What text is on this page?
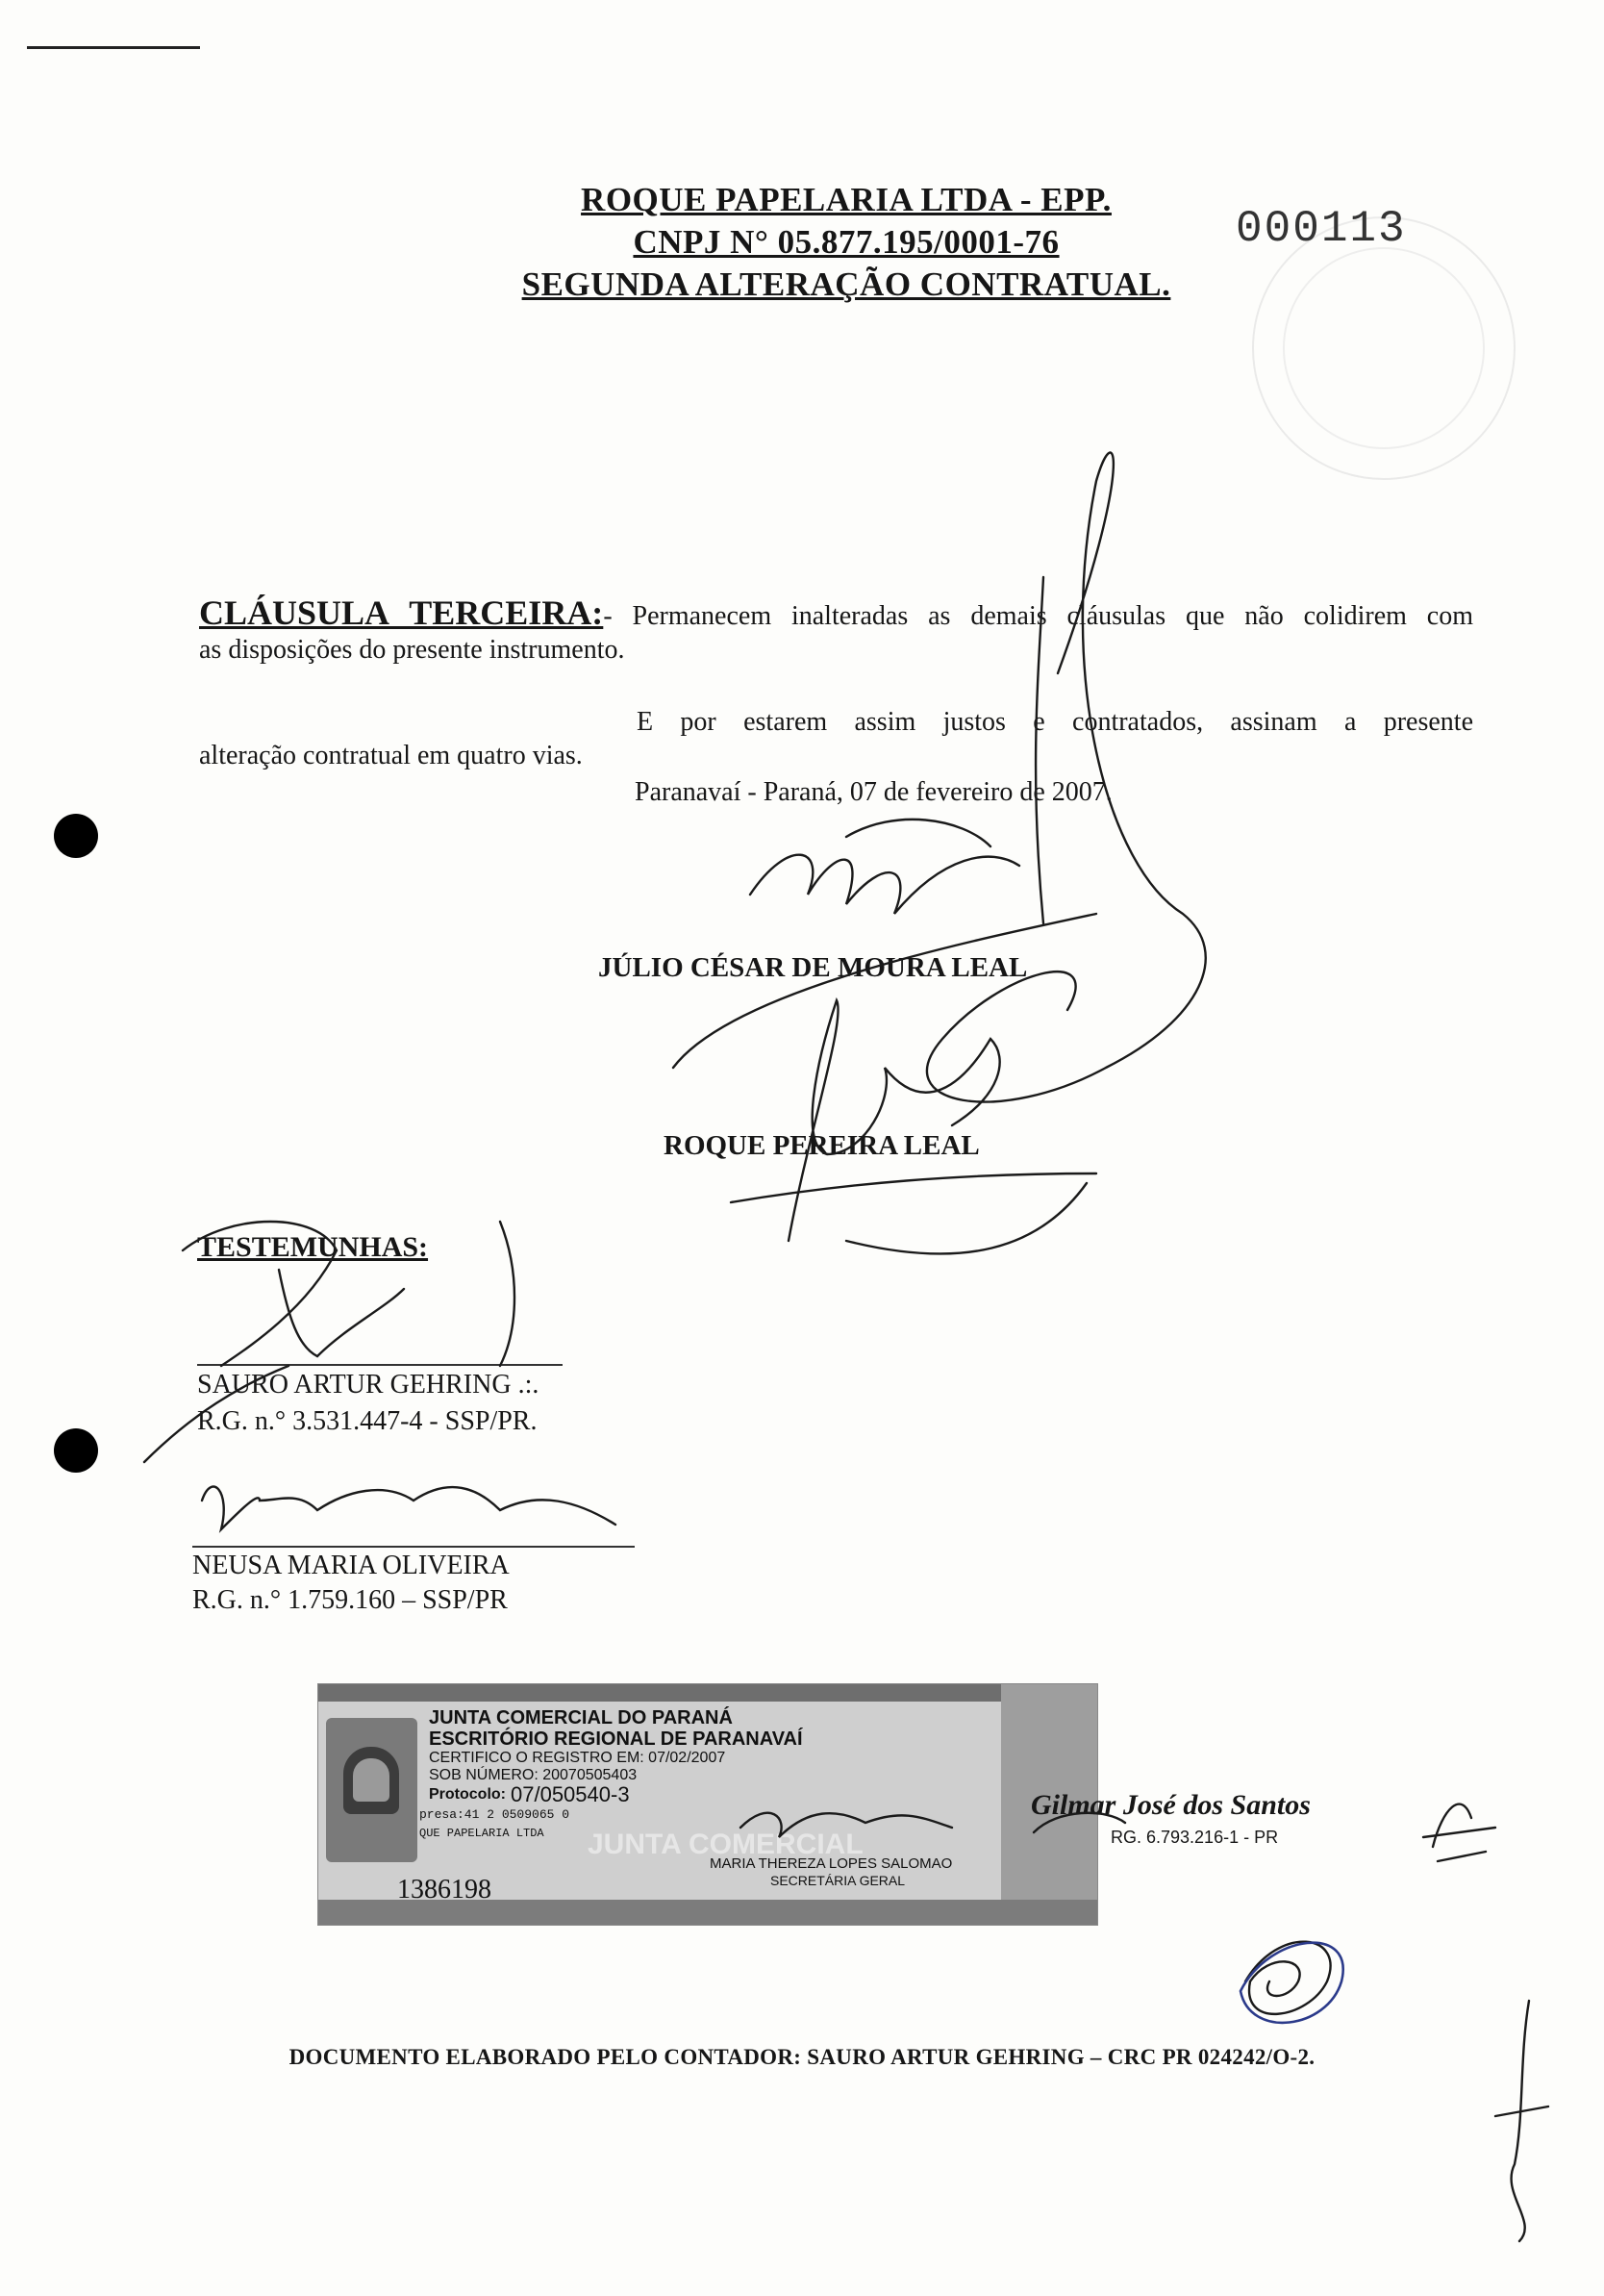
ROQUE PAPELARIA LTDA - EPP.
CNPJ N° 05.877.195/0001-76
SEGUNDA ALTERAÇÃO CONTRATUAL.
000113
CLÁUSULA TERCEIRA:- Permanecem inalteradas as demais cláusulas que não colidirem com
as disposições do presente instrumento.
E por estarem assim justos e contratados, assinam a presente
alteração contratual em quatro vias.
Paranavaí - Paraná, 07 de fevereiro de 2007.
JÚLIO CÉSAR DE MOURA LEAL
ROQUE PEREIRA LEAL
TESTEMUNHAS:
SAURO ARTUR GEHRING .:.
R.G. n.° 3.531.447-4 - SSP/PR.
NEUSA MARIA OLIVEIRA
R.G. n.° 1.759.160 – SSP/PR
JUNTA COMERCIAL DO PARANÁ
ESCRITÓRIO REGIONAL DE PARANAVAÍ
CERTIFICO O REGISTRO EM: 07/02/2007
SOB NÚMERO: 20070505403
Protocolo: 07/050540-3
presa:41 2 0509065 0
QUE PAPELARIA LTDA JUNTA COMERCIAL
MARIA THEREZA LOPES SALOMAO
SECRETÁRIA GERAL
1386198
Gilmar José dos Santos
RG. 6.793.216-1 - PR
DOCUMENTO ELABORADO PELO CONTADOR: SAURO ARTUR GEHRING – CRC PR 024242/O-2.
